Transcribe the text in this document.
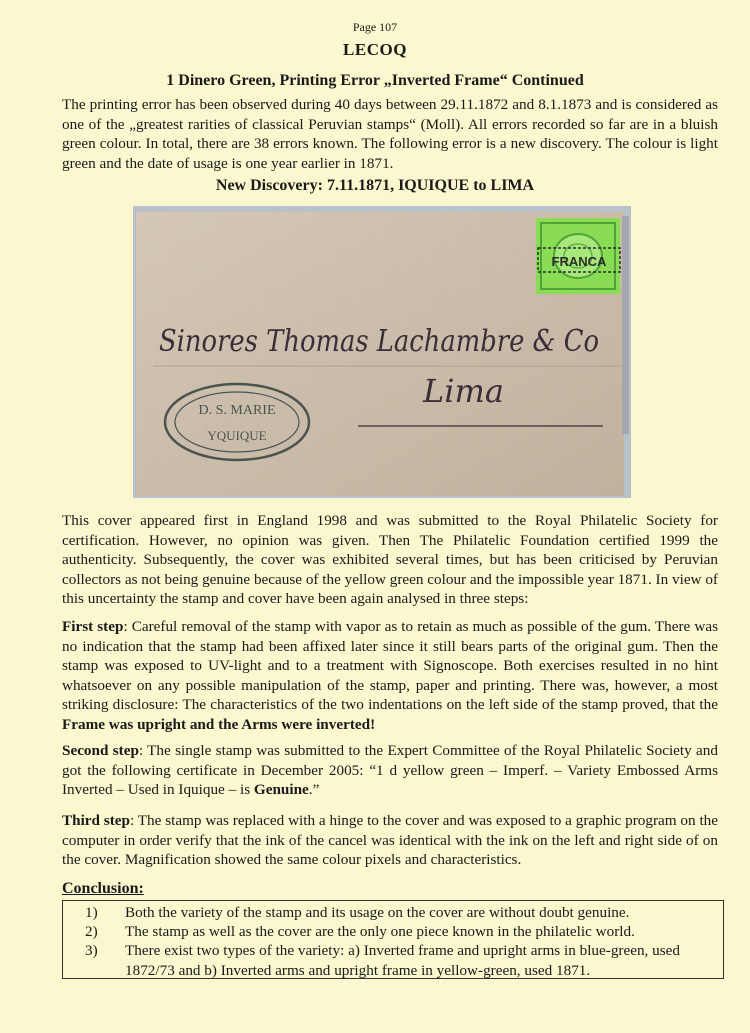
Page 107
LECOQ
1 Dinero Green, Printing Error „Inverted Frame“ Continued
The printing error has been observed during 40 days between 29.11.1872 and 8.1.1873 and is considered as one of the „greatest rarities of classical Peruvian stamps“ (Moll). All errors recorded so far are in a bluish green colour. In total, there are 38 errors known. The following error is a new discovery. The colour is light green and the date of usage is one year earlier in 1871.
New Discovery: 7.11.1871, IQUIQUE to LIMA
FRANCA
Sinores Thomas Lachambre & Co
Lima
D. S. MARIE
YQUIQUE
This cover appeared first in England 1998 and was submitted to the Royal Philatelic Society for certification. However, no opinion was given. Then The Philatelic Foundation certified 1999 the authenticity. Subsequently, the cover was exhibited several times, but has been criticised by Peruvian collectors as not being genuine because of the yellow green colour and the impossible year 1871. In view of this uncertainty the stamp and cover have been again analysed in three steps:
First step: Careful removal of the stamp with vapor as to retain as much as possible of the gum. There was no indication that the stamp had been affixed later since it still bears parts of the original gum. Then the stamp was exposed to UV-light and to a treatment with Signoscope. Both exercises resulted in no hint whatsoever on any possible manipulation of the stamp, paper and printing. There was, however, a most striking disclosure: The characteristics of the two indentations on the left side of the stamp proved, that the Frame was upright and the Arms were inverted!
Second step: The single stamp was submitted to the Expert Committee of the Royal Philatelic Society and got the following certificate in December 2005: “1 d yellow green – Imperf. – Variety Embossed Arms Inverted – Used in Iquique – is Genuine.”
Third step: The stamp was replaced with a hinge to the cover and was exposed to a graphic program on the computer in order verify that the ink of the cancel was identical with the ink on the left and right side of on the cover. Magnification showed the same colour pixels and characteristics.
Conclusion:
1)	Both the variety of the stamp and its usage on the cover are without doubt genuine.
2)	The stamp as well as the cover are the only one piece known in the philatelic world.
3)	There exist two types of the variety: a) Inverted frame and upright arms in blue-green, used 1872/73 and b) Inverted arms and upright frame in yellow-green, used 1871.
